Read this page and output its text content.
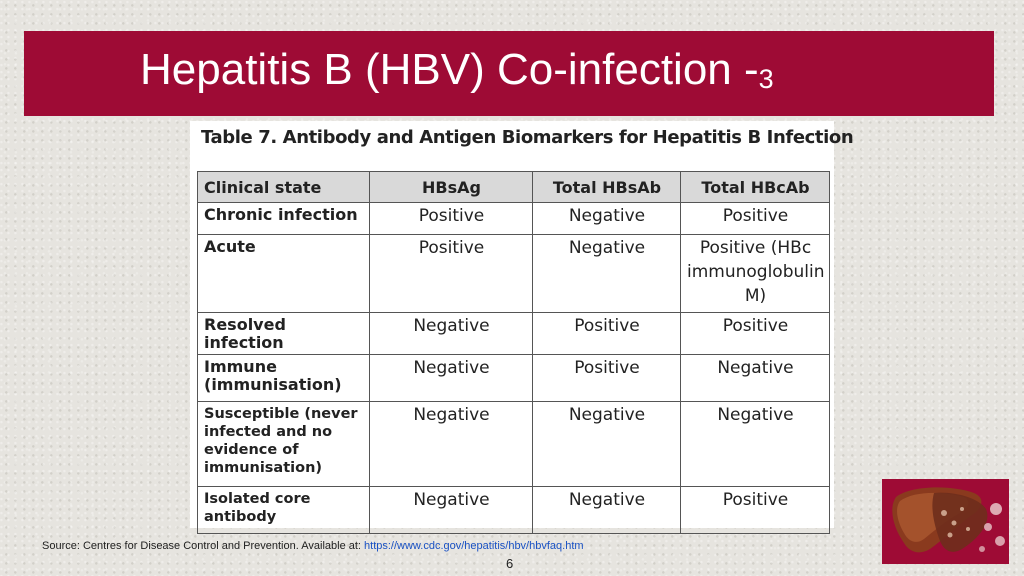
Hepatitis B (HBV) Co-infection $-_3$

Table 7. Antibody and Antigen Biomarkers for Hepatitis B Infection

Clinical state	HBsAg	Total HBsAb	Total HBcAb
Chronic infection	Positive	Negative	Positive
Acute	Positive	Negative	Positive (HBc immunoglobulin M)
Resolved infection	Negative	Positive	Positive
Immune (immunisation)	Negative	Positive	Negative
Susceptible (never infected and no evidence of immunisation)	Negative	Negative	Negative
Isolated core antibody	Negative	Negative	Positive
Source: Centres for Disease Control and Prevention. Available at: https://www.cdc.gov/hepatitis/hbv/hbvfaq.htm
6
